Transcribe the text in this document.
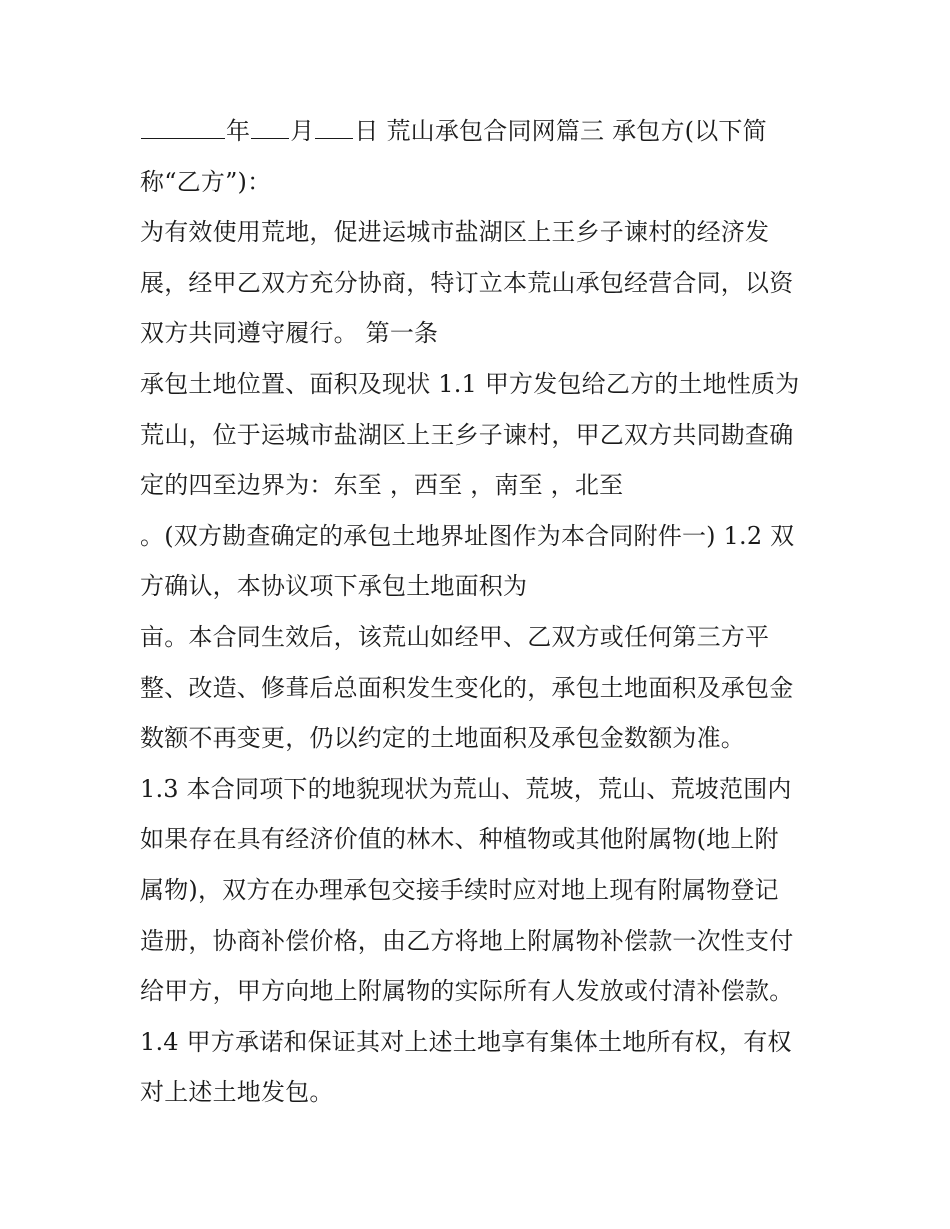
年 月 日 荒山承包合同网篇三 承包方(以下简
称“乙方”)：
为有效使用荒地，促进运城市盐湖区上王乡子谏村的经济发
展，经甲乙双方充分协商，特订立本荒山承包经营合同，以资
双方共同遵守履行。 第一条
承包土地位置、面积及现状 1.1 甲方发包给乙方的土地性质为
荒山，位于运城市盐湖区上王乡子谏村，甲乙双方共同勘查确
定的四至边界为：东至 ，西至 ，南至 ，北至
。(双方勘查确定的承包土地界址图作为本合同附件一) 1.2 双
方确认，本协议项下承包土地面积为
亩。本合同生效后，该荒山如经甲、乙双方或任何第三方平
整、改造、修葺后总面积发生变化的，承包土地面积及承包金
数额不再变更，仍以约定的土地面积及承包金数额为准。
1.3 本合同项下的地貌现状为荒山、荒坡，荒山、荒坡范围内
如果存在具有经济价值的林木、种植物或其他附属物(地上附
属物)，双方在办理承包交接手续时应对地上现有附属物登记
造册，协商补偿价格，由乙方将地上附属物补偿款一次性支付
给甲方，甲方向地上附属物的实际所有人发放或付清补偿款。
1.4 甲方承诺和保证其对上述土地享有集体土地所有权，有权
对上述土地发包。
